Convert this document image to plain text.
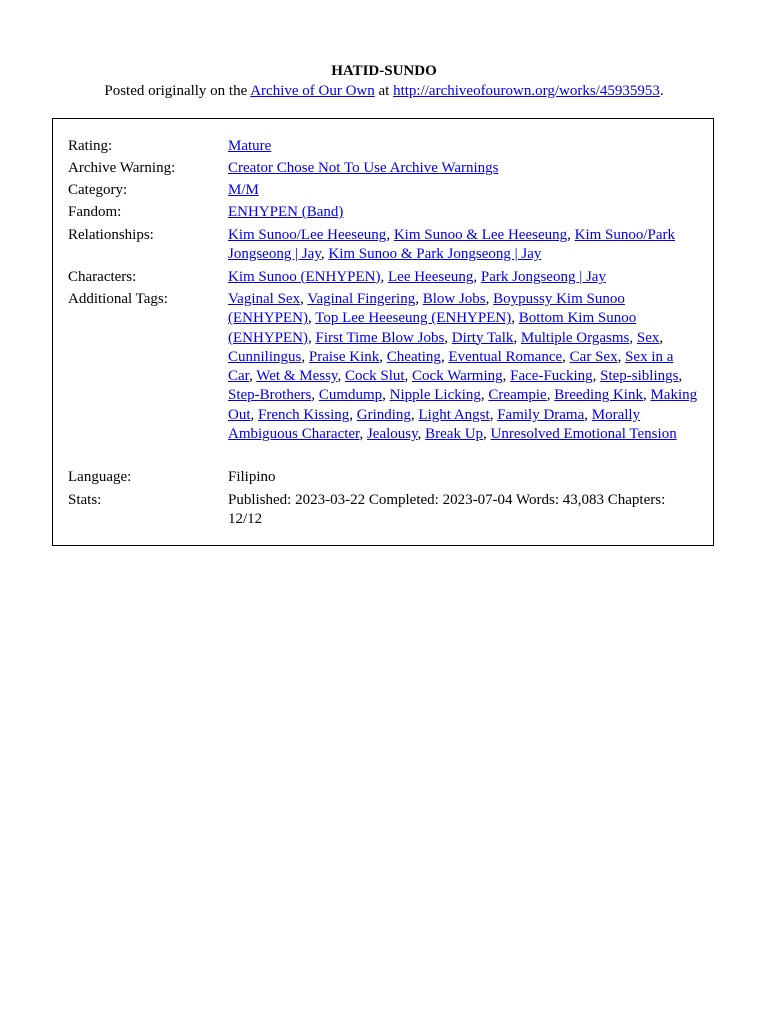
HATID-SUNDO
Posted originally on the Archive of Our Own at http://archiveofourown.org/works/45935953.
Rating:	Mature
Archive Warning:	Creator Chose Not To Use Archive Warnings
Category:	M/M
Fandom:	ENHYPEN (Band)
Relationships:	Kim Sunoo/Lee Heeseung, Kim Sunoo & Lee Heeseung, Kim Sunoo/Park Jongseong | Jay, Kim Sunoo & Park Jongseong | Jay
Characters:	Kim Sunoo (ENHYPEN), Lee Heeseung, Park Jongseong | Jay
Additional Tags:	Vaginal Sex, Vaginal Fingering, Blow Jobs, Boypussy Kim Sunoo (ENHYPEN), Top Lee Heeseung (ENHYPEN), Bottom Kim Sunoo (ENHYPEN), First Time Blow Jobs, Dirty Talk, Multiple Orgasms, Sex, Cunnilingus, Praise Kink, Cheating, Eventual Romance, Car Sex, Sex in a Car, Wet & Messy, Cock Slut, Cock Warming, Face-Fucking, Step-siblings, Step-Brothers, Cumdump, Nipple Licking, Creampie, Breeding Kink, Making Out, French Kissing, Grinding, Light Angst, Family Drama, Morally Ambiguous Character, Jealousy, Break Up, Unresolved Emotional Tension
Language:	Filipino
Stats:	Published: 2023-03-22 Completed: 2023-07-04 Words: 43,083 Chapters: 12/12
